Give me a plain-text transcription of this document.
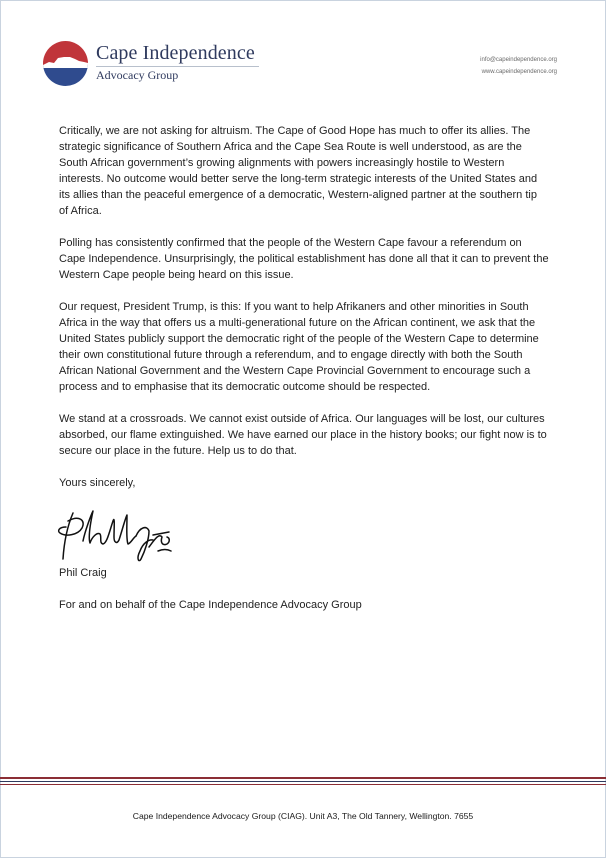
Cape Independence
Advocacy Group
info@capeindependence.org
www.capeindependence.org

Critically, we are not asking for altruism. The Cape of Good Hope has much to offer its allies. The strategic significance of Southern Africa and the Cape Sea Route is well understood, as are the South African government’s growing alignments with powers increasingly hostile to Western interests. No outcome would better serve the long-term strategic interests of the United States and its allies than the peaceful emergence of a democratic, Western-aligned partner at the southern tip of Africa.

Polling has consistently confirmed that the people of the Western Cape favour a referendum on Cape Independence. Unsurprisingly, the political establishment has done all that it can to prevent the Western Cape people being heard on this issue.

Our request, President Trump, is this: If you want to help Afrikaners and other minorities in South Africa in the way that offers us a multi-generational future on the African continent, we ask that the United States publicly support the democratic right of the people of the Western Cape to determine their own constitutional future through a referendum, and to engage directly with both the South African National Government and the Western Cape Provincial Government to encourage such a process and to emphasise that its democratic outcome should be respected.

We stand at a crossroads. We cannot exist outside of Africa. Our languages will be lost, our cultures absorbed, our flame extinguished. We have earned our place in the history books; our fight now is to secure our place in the future. Help us to do that.

Yours sincerely,

Phil Craig

For and on behalf of the Cape Independence Advocacy Group

Cape Independence Advocacy Group (CIAG). Unit A3, The Old Tannery, Wellington. 7655
